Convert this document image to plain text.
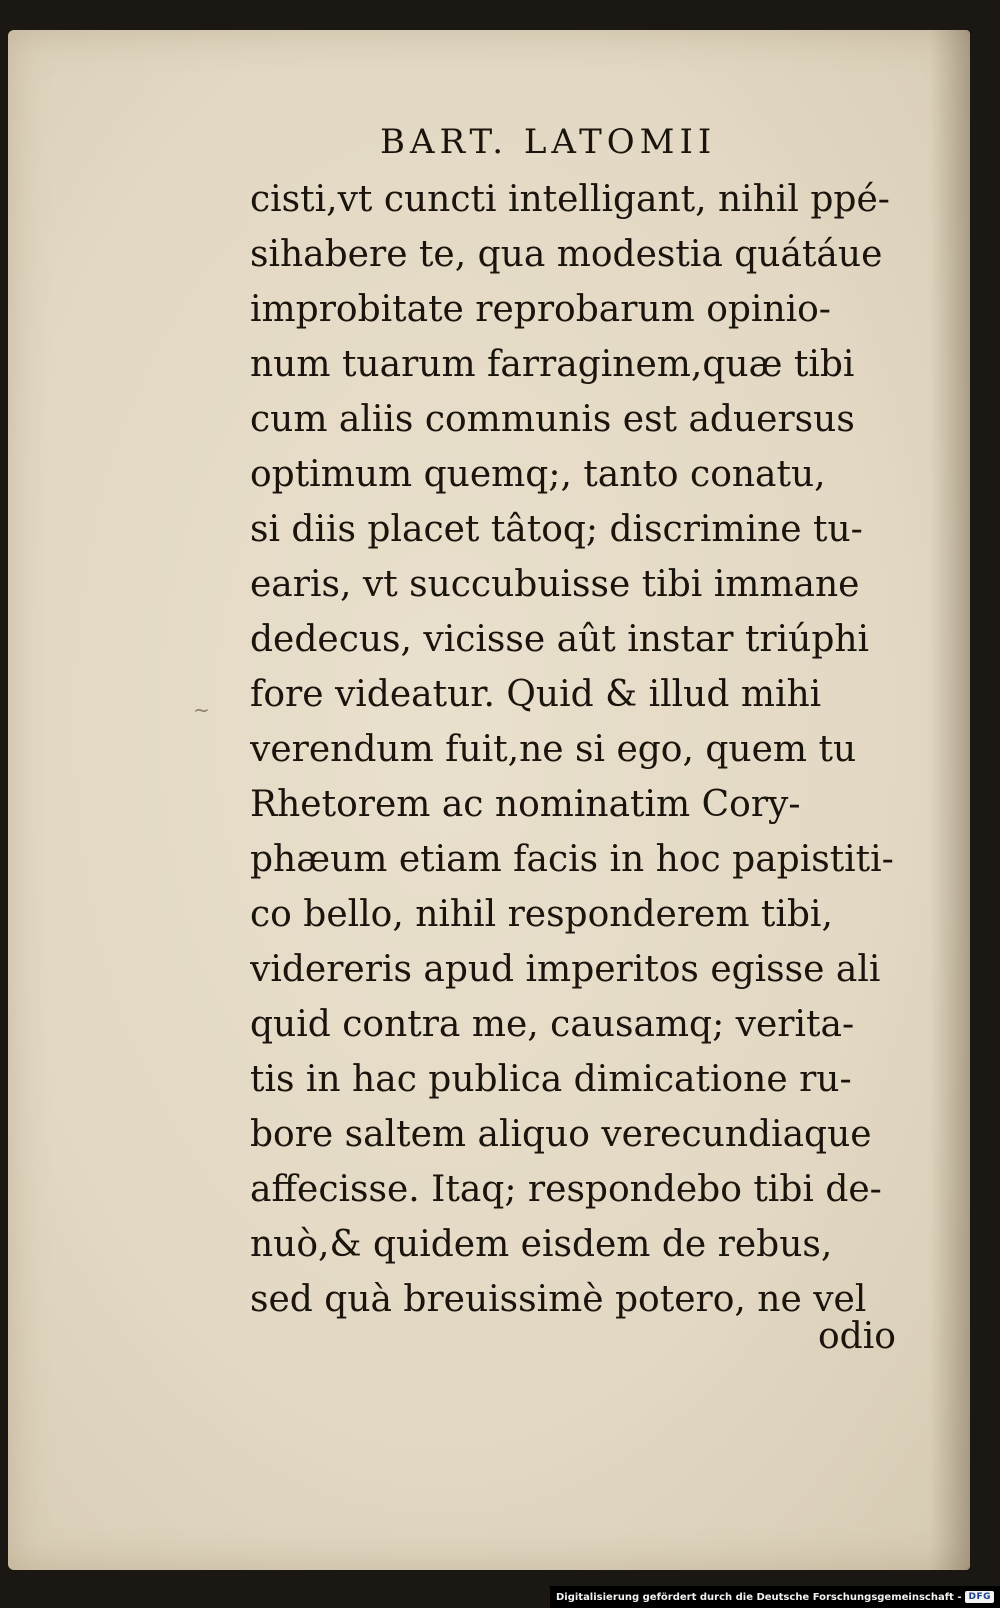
BART. LATOMII
cisti,vt cuncti intelligant, nihil ppé-
sihabere te, qua modestia quátáue
improbitate reprobarum opinio-
num tuarum farraginem,quæ tibi
cum aliis communis est aduersus
optimum quemq;, tanto conatu,
si diis placet tâtoq; discrimine tu-
earis, vt succubuisse tibi immane
dedecus, vicisse aût instar triúphi
fore videatur. Quid & illud mihi
verendum fuit,ne si ego, quem tu
Rhetorem ac nominatim Cory-
phæum etiam facis in hoc papistiti-
co bello, nihil responderem tibi,
videreris apud imperitos egisse ali
quid contra me, causamq; verita-
tis in hac publica dimicatione ru-
bore saltem aliquo verecundiaque
affecisse. Itaq; respondebo tibi de-
nuò,& quidem eisdem de rebus,
sed quà breuissimè potero, ne vel
odio
~
Digitalisierung gefördert durch die Deutsche Forschungsgemeinschaft - DFG
